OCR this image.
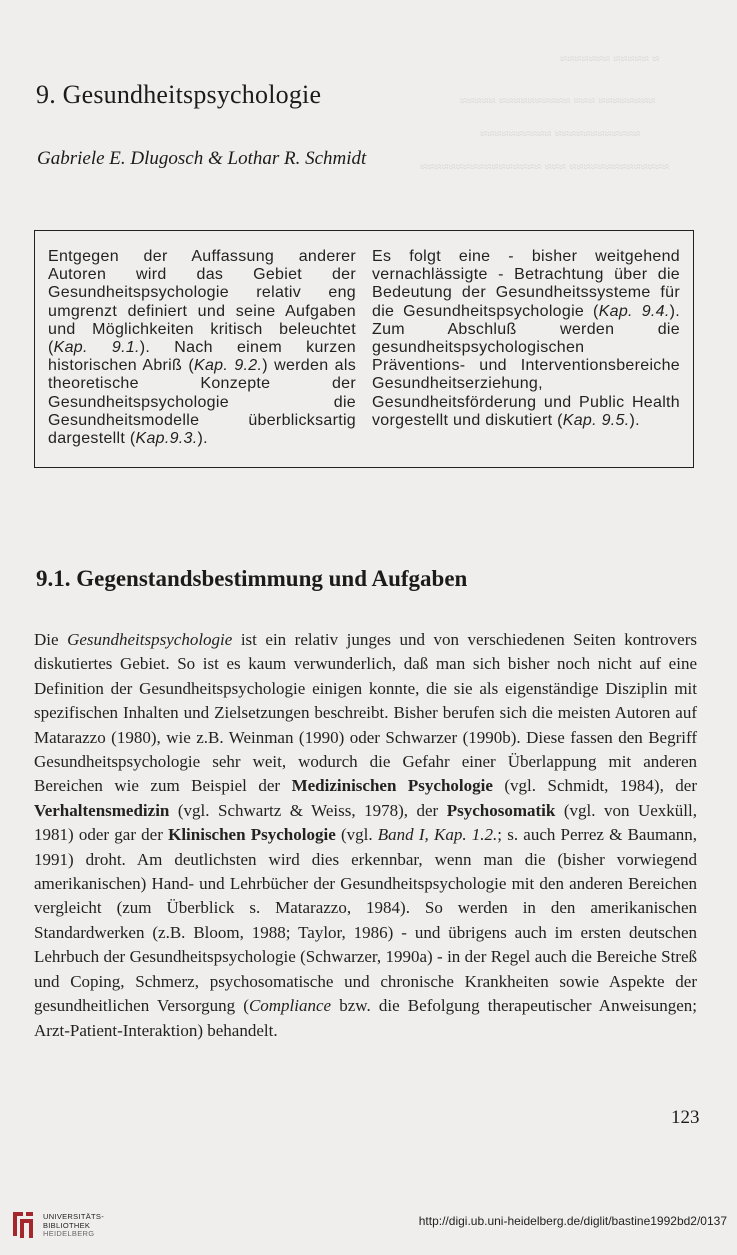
≈ ≈≈≈≈≈ ≈≈≈≈≈≈≈
≈≈≈≈≈≈≈≈ ≈≈≈ ≈≈≈≈≈≈≈≈≈≈ ≈≈≈≈≈
≈≈≈≈≈≈≈≈≈≈≈≈ ≈≈≈≈≈≈≈≈≈≈
≈≈≈≈≈≈≈≈≈≈≈≈≈≈ ≈≈≈ ≈≈≈≈≈≈≈≈≈≈≈≈≈≈≈≈≈
9. Gesundheitspsychologie

Gabriele E. Dlugosch & Lothar R. Schmidt

Entgegen der Auffassung anderer Autoren wird das Gebiet der Gesundheitspsychologie relativ eng umgrenzt definiert und seine Aufgaben und Möglichkeiten kritisch beleuchtet (Kap. 9.1.). Nach einem kurzen historischen Abriß (Kap. 9.2.) werden als theoretische Konzepte der Gesundheitspsychologie die Gesundheitsmodelle überblicksartig dargestellt (Kap.9.3.).
Es folgt eine - bisher weitgehend vernachlässigte - Betrachtung über die Bedeutung der Gesundheitssysteme für die Gesundheitspsychologie (Kap. 9.4.). Zum Abschluß werden die gesundheitspsychologischen Präventions- und Interventionsbereiche Gesundheitserziehung, Gesundheitsförderung und Public Health vorgestellt und diskutiert (Kap. 9.5.).
9.1. Gegenstandsbestimmung und Aufgaben

Die Gesundheitspsychologie ist ein relativ junges und von verschiedenen Seiten kontrovers diskutiertes Gebiet. So ist es kaum verwunderlich, daß man sich bisher noch nicht auf eine Definition der Gesundheitspsychologie einigen konnte, die sie als eigenständige Disziplin mit spezifischen Inhalten und Zielsetzungen beschreibt. Bisher berufen sich die meisten Autoren auf Matarazzo (1980), wie z.B. Weinman (1990) oder Schwarzer (1990b). Diese fassen den Begriff Gesundheitspsychologie sehr weit, wodurch die Gefahr einer Überlappung mit anderen Bereichen wie zum Beispiel der Medizinischen Psychologie (vgl. Schmidt, 1984), der Verhaltensmedizin (vgl. Schwartz & Weiss, 1978), der Psychosomatik (vgl. von Uexküll, 1981) oder gar der Klinischen Psychologie (vgl. Band I, Kap. 1.2.; s. auch Perrez & Baumann, 1991) droht. Am deutlichsten wird dies erkennbar, wenn man die (bisher vorwiegend amerikanischen) Hand- und Lehrbücher der Gesundheitspsychologie mit den anderen Bereichen vergleicht (zum Überblick s. Matarazzo, 1984). So werden in den amerikanischen Standardwerken (z.B. Bloom, 1988; Taylor, 1986) - und übrigens auch im ersten deutschen Lehrbuch der Gesundheitspsychologie (Schwarzer, 1990a) - in der Regel auch die Bereiche Streß und Coping, Schmerz, psychosomatische und chronische Krankheiten sowie Aspekte der gesundheitlichen Versorgung (Compliance bzw. die Befolgung therapeutischer Anweisungen; Arzt-Patient-Interaktion) behandelt.

123

UNIVERSITÄTS-
BIBLIOTHEK
HEIDELBERG
http://digi.ub.uni-heidelberg.de/diglit/bastine1992bd2/0137
